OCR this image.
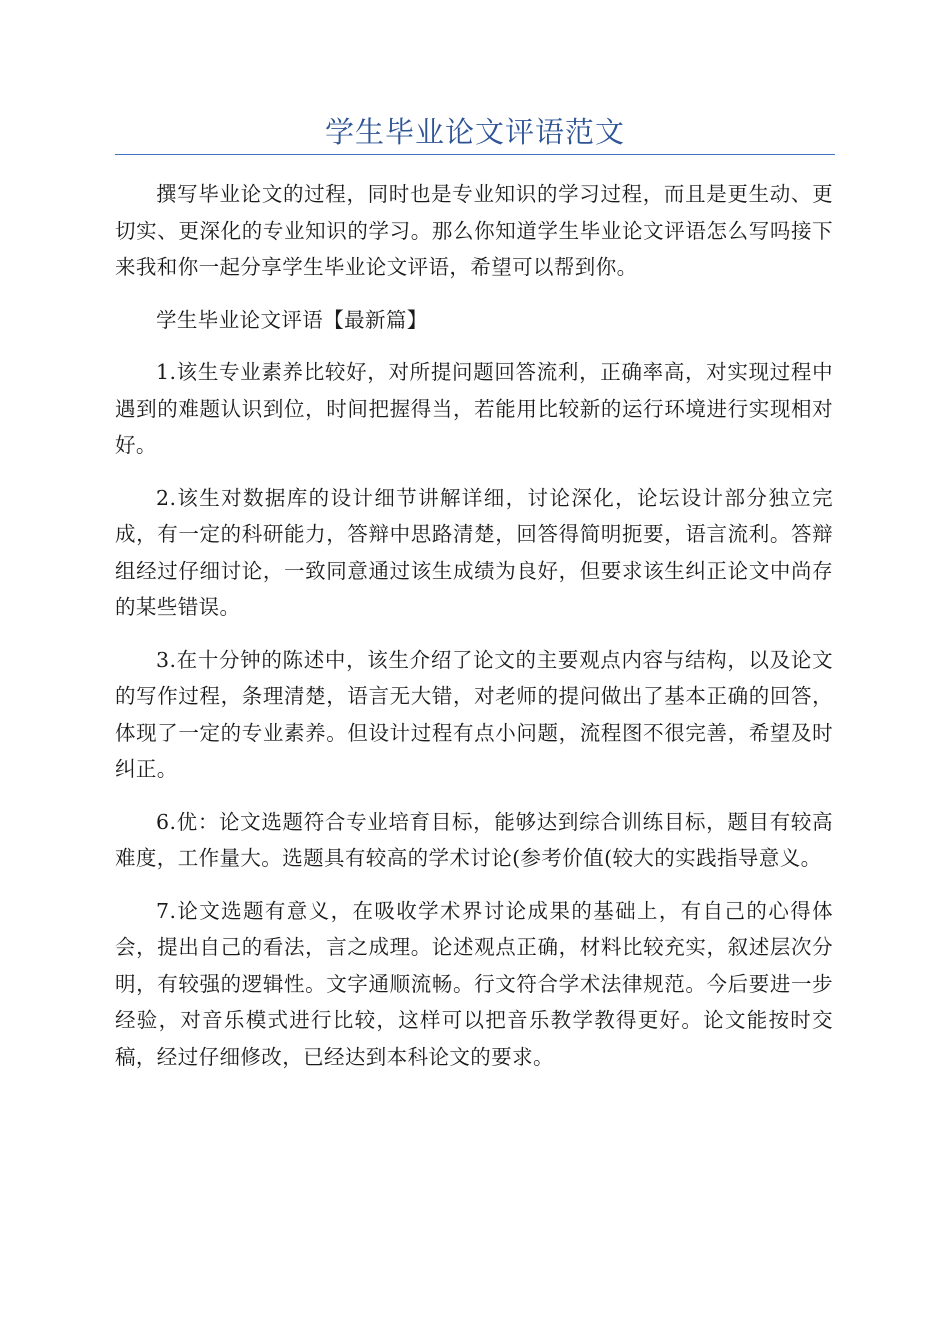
学生毕业论文评语范文

撰写毕业论文的过程，同时也是专业知识的学习过程，而且是更生动、更切实、更深化的专业知识的学习。那么你知道学生毕业论文评语怎么写吗接下来我和你一起分享学生毕业论文评语，希望可以帮到你。

学生毕业论文评语【最新篇】

1.该生专业素养比较好，对所提问题回答流利，正确率高，对实现过程中遇到的难题认识到位，时间把握得当，若能用比较新的运行环境进行实现相对好。

2.该生对数据库的设计细节讲解详细，讨论深化，论坛设计部分独立完成，有一定的科研能力，答辩中思路清楚，回答得简明扼要，语言流利。答辩组经过仔细讨论，一致同意通过该生成绩为良好，但要求该生纠正论文中尚存的某些错误。

3.在十分钟的陈述中，该生介绍了论文的主要观点内容与结构，以及论文的写作过程，条理清楚，语言无大错，对老师的提问做出了基本正确的回答，体现了一定的专业素养。但设计过程有点小问题，流程图不很完善，希望及时纠正。

6.优：论文选题符合专业培育目标，能够达到综合训练目标，题目有较高难度，工作量大。选题具有较高的学术讨论(参考价值(较大的实践指导意义。

7.论文选题有意义，在吸收学术界讨论成果的基础上，有自己的心得体会，提出自己的看法，言之成理。论述观点正确，材料比较充实，叙述层次分明，有较强的逻辑性。文字通顺流畅。行文符合学术法律规范。今后要进一步经验，对音乐模式进行比较，这样可以把音乐教学教得更好。论文能按时交稿，经过仔细修改，已经达到本科论文的要求。
